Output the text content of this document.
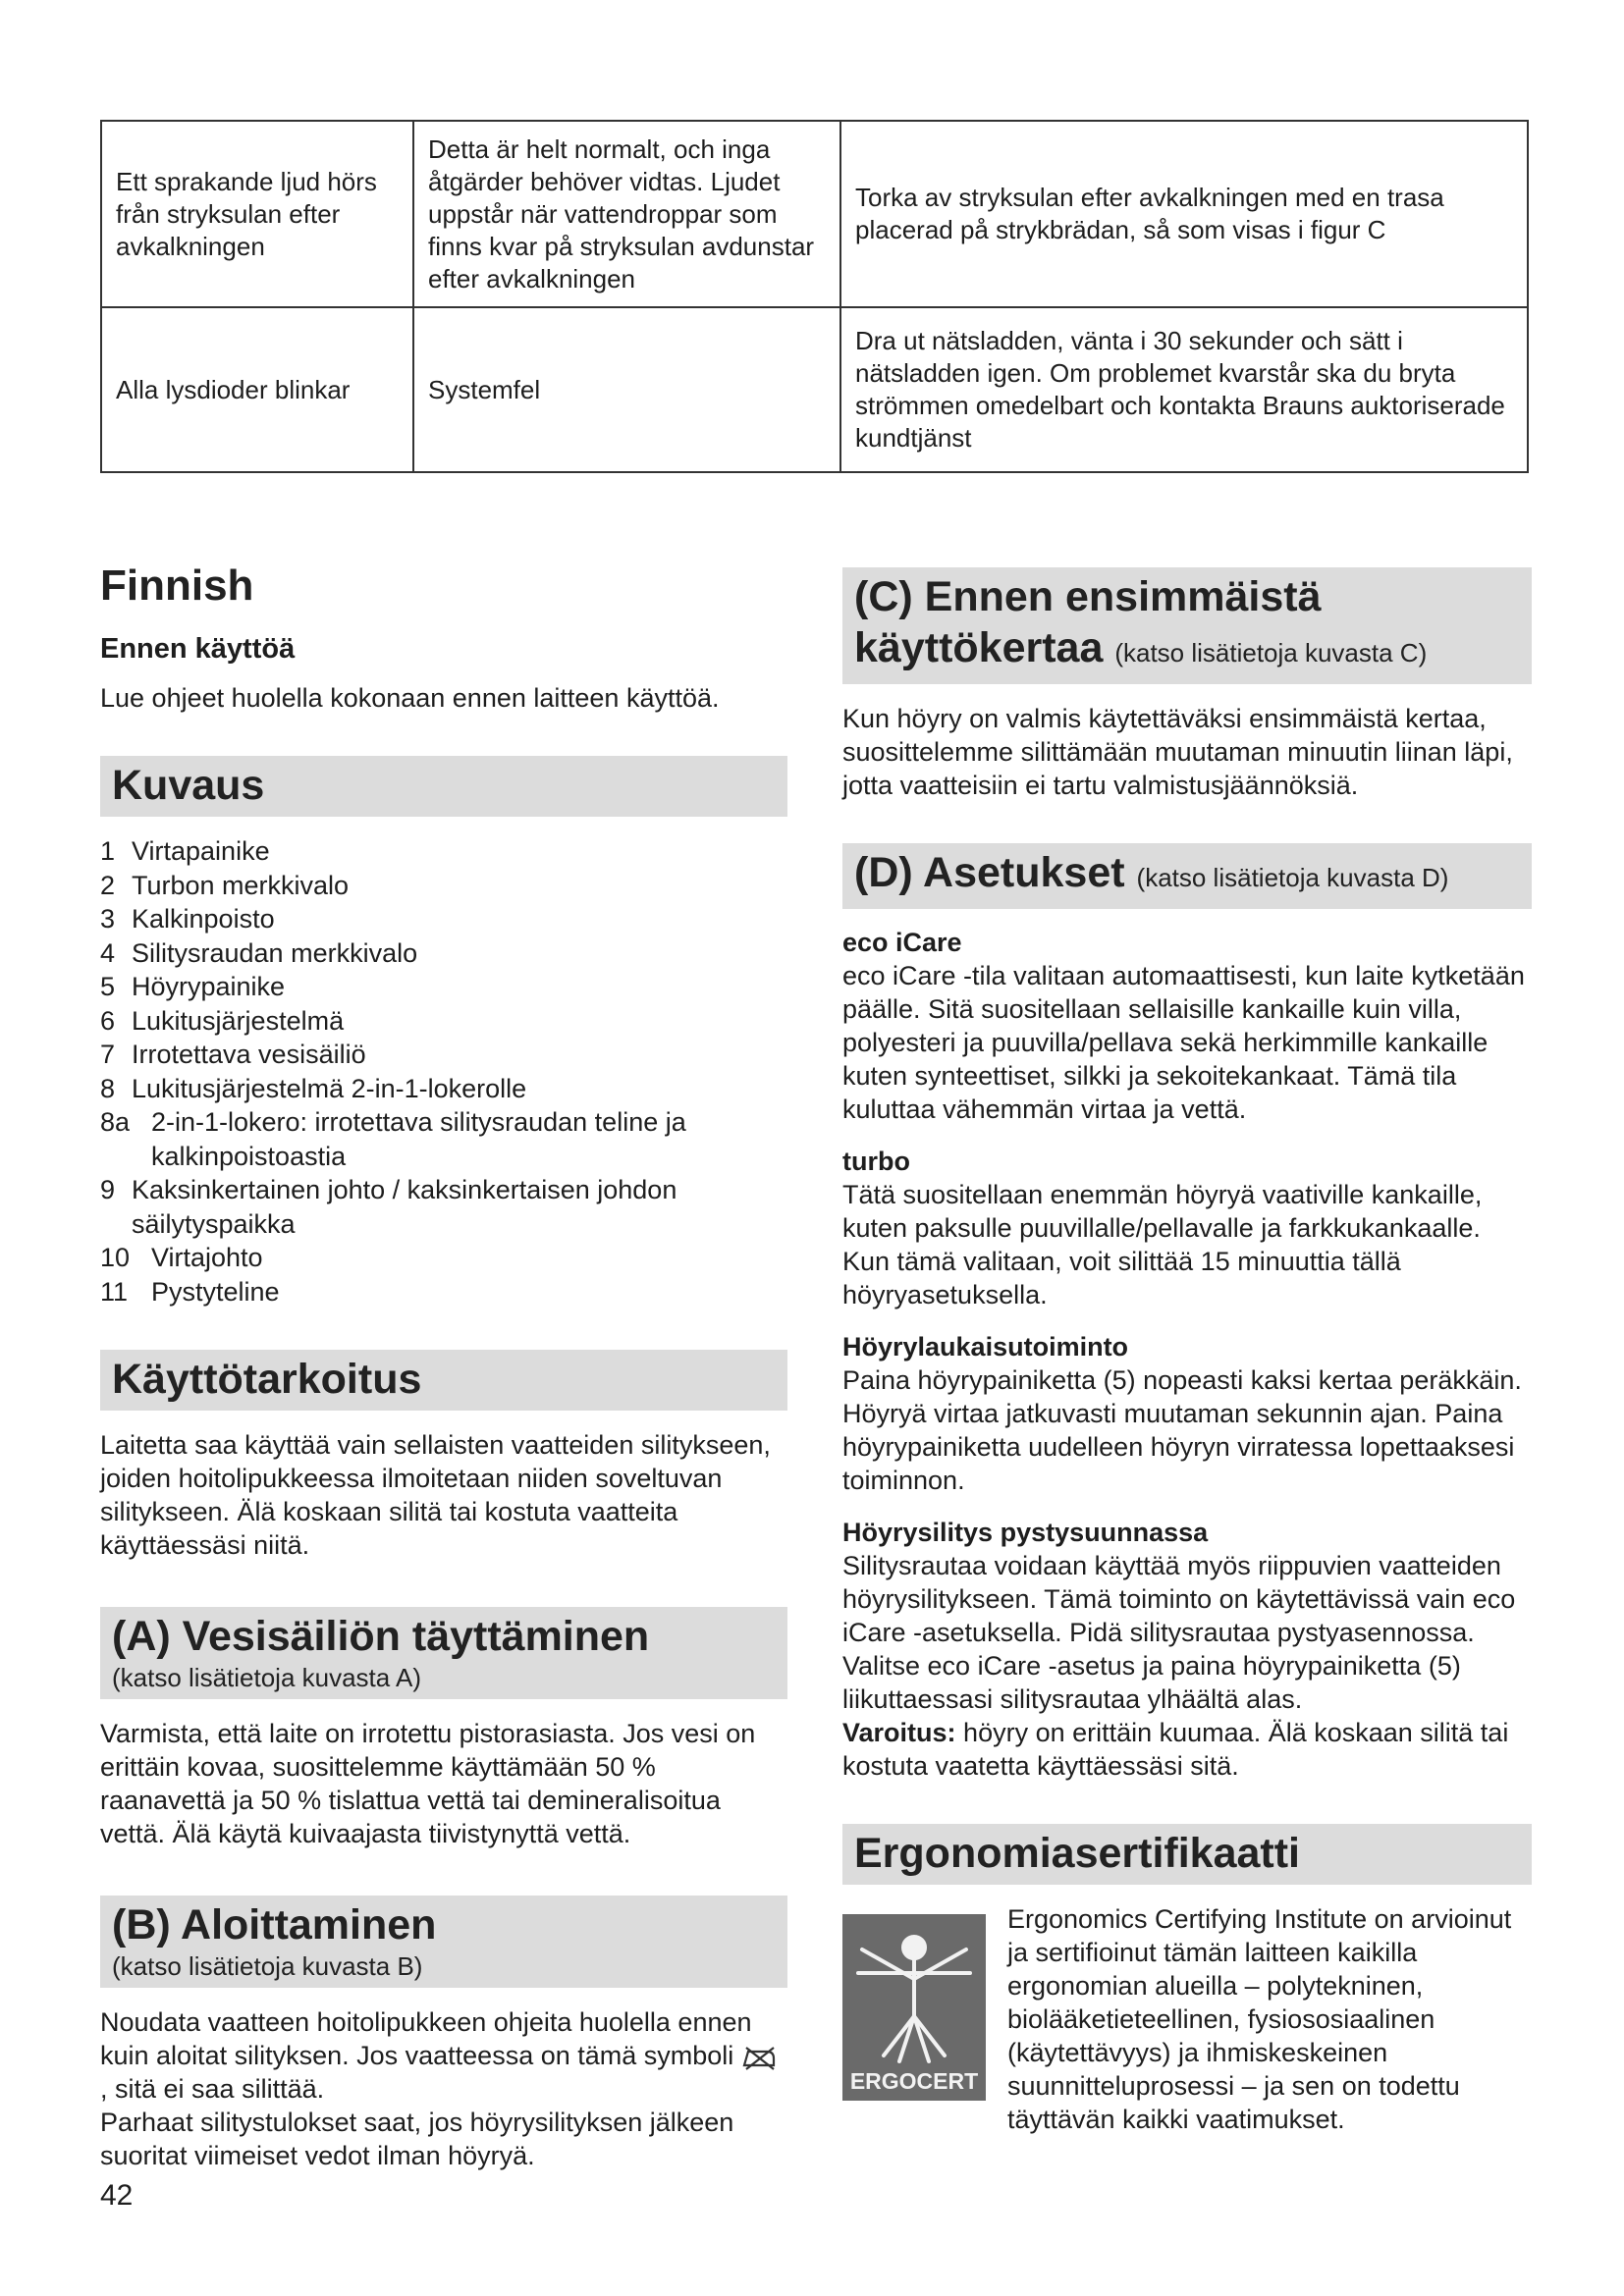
Ett sprakande ljud hörs från stryksulan efter avkalkningen	Detta är helt normalt, och inga åtgärder behöver vidtas. Ljudet uppstår när vattendroppar som finns kvar på stryksulan avdunstar efter avkalkningen	Torka av stryksulan efter avkalkningen med en trasa placerad på strykbrädan, så som visas i figur C
Alla lysdioder blinkar	Systemfel	Dra ut nätsladden, vänta i 30 sekunder och sätt i nätsladden igen. Om problemet kvarstår ska du bryta strömmen omedelbart och kontakta Brauns auktoriserade kundtjänst
Finnish
Ennen käyttöä

Lue ohjeet huolella kokonaan ennen laitteen käyttöä.

Kuvaus
1 Virtapainike
2 Turbon merkkivalo
3 Kalkinpoisto
4 Silitysraudan merkkivalo
5 Höyrypainike
6 Lukitusjärjestelmä
7 Irrotettava vesisäiliö
8 Lukitusjärjestelmä 2-in-1-lokerolle
8a 2-in-1-lokero: irrotettava silitysraudan teline ja kalkinpoistoastia
9 Kaksinkertainen johto / kaksinkertaisen johdon säilytyspaikka
10 Virtajohto
11 Pystyteline
Käyttötarkoitus

Laitetta saa käyttää vain sellaisten vaatteiden silitykseen, joiden hoitolipukkeessa ilmoitetaan niiden soveltuvan silitykseen. Älä koskaan silitä tai kostuta vaatteita käyttäessäsi niitä.

(A) Vesisäiliön täyttäminen
(katso lisätietoja kuvasta A)

Varmista, että laite on irrotettu pistorasiasta. Jos vesi on erittäin kovaa, suosittelemme käyttämään 50 % raanavettä ja 50 % tislattua vettä tai demineralisoitua vettä. Älä käytä kuivaajasta tiivistynyttä vettä.

(B) Aloittaminen
(katso lisätietoja kuvasta B)

Noudata vaatteen hoitolipukkeen ohjeita huolella ennen kuin aloitat silityksen. Jos vaatteessa on tämä symboli  , sitä ei saa silittää.

Parhaat silitystulokset saat, jos höyrysilityksen jälkeen suoritat viimeiset vedot ilman höyryä.

(C) Ennen ensimmäistä käyttökertaa (katso lisätietoja kuvasta C)

Kun höyry on valmis käytettäväksi ensimmäistä kertaa, suosittelemme silittämään muutaman minuutin liinan läpi, jotta vaatteisiin ei tartu valmistusjäännöksiä.

(D) Asetukset (katso lisätietoja kuvasta D)
eco iCare

eco iCare -tila valitaan automaattisesti, kun laite kytketään päälle. Sitä suositellaan sellaisille kankaille kuin villa, polyesteri ja puuvilla/pellava sekä herkimmille kankaille kuten synteettiset, silkki ja sekoitekankaat. Tämä tila kuluttaa vähemmän virtaa ja vettä.

turbo

Tätä suositellaan enemmän höyryä vaativille kankaille, kuten paksulle puuvillalle/pellavalle ja farkkukankaalle.

Kun tämä valitaan, voit silittää 15 minuuttia tällä höyryasetuksella.

Höyrylaukaisutoiminto

Paina höyrypainiketta (5) nopeasti kaksi kertaa peräkkäin. Höyryä virtaa jatkuvasti muutaman sekunnin ajan. Paina höyrypainiketta uudelleen höyryn virratessa lopettaaksesi toiminnon.

Höyrysilitys pystysuunnassa

Silitysrautaa voidaan käyttää myös riippuvien vaatteiden höyrysilitykseen. Tämä toiminto on käytettävissä vain eco iCare -asetuksella. Pidä silitysrautaa pystyasennossa. Valitse eco iCare -asetus ja paina höyrypainiketta (5) liikuttaessasi silitysrautaa ylhäältä alas.

Varoitus: höyry on erittäin kuumaa. Älä koskaan silitä tai kostuta vaatetta käyttäessäsi sitä.

Ergonomiasertifikaatti
ERGOCERT

Ergonomics Certifying Institute on arvioinut ja sertifioinut tämän laitteen kaikilla ergonomian alueilla – polytekninen, biolääketieteellinen, fysiososiaalinen (käytettävyys) ja ihmiskeskeinen suunnitteluprosessi – ja sen on todettu täyttävän kaikki vaatimukset.

42
